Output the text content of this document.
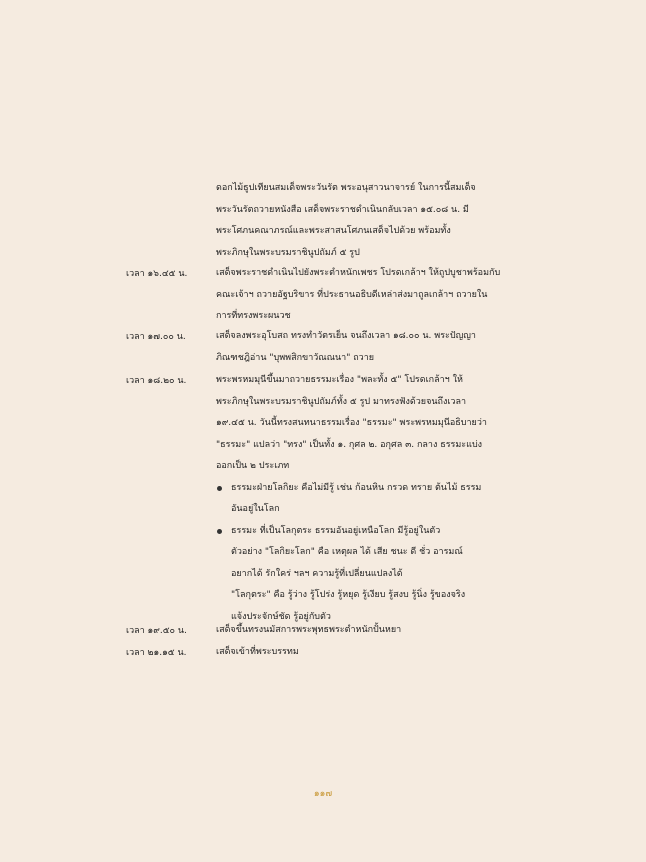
ดอกไม้ธูปเทียนสมเด็จพระวันรัต พระอนุสาวนาจารย์ ในการนี้สมเด็จ
พระวันรัตถวายหนังสือ เสด็จพระราชดำเนินกลับเวลา ๑๕.๐๘ น. มี
พระโศภนคณาภรณ์และพระสาสนโศภนเสด็จไปด้วย พร้อมทั้ง
พระภิกษุในพระบรมราชินูปถัมภ์ ๕ รูป
เวลา ๑๖.๔๕ น.	เสด็จพระราชดำเนินไปยังพระตำหนักเพชร โปรดเกล้าฯ ให้ถูปบูชาพร้อมกับ
คณะเจ้าฯ ถวายอัฐบริขาร ที่ประธานอธิบดีเหล่าส่งมาถูลเกล้าฯ ถวายใน
การที่ทรงพระผนวช
เวลา ๑๗.๐๐ น.	เสด็จลงพระอุโบสถ ทรงทำวัตรเย็น จนถึงเวลา ๑๘.๐๐ น. พระปัญญา
ภิณฑชฎิอ่าน "บุพพสิกขาวัณณนา" ถวาย
เวลา ๑๘.๒๐ น.	พระพรหมมุนีขึ้นมาถวายธรรมะเรื่อง "พละทั้ง ๕" โปรดเกล้าฯ ให้
พระภิกษุในพระบรมราชินูปถัมภ์ทั้ง ๕ รูป มาทรงฟังด้วยจนถึงเวลา
๑๙.๔๕ น. วันนี้ทรงสนทนาธรรมเรื่อง "ธรรมะ" พระพรหมมุนีอธิบายว่า
"ธรรมะ" แปลว่า "ทรง" เป็นทั้ง ๑. กุศล ๒. อกุศล ๓. กลาง ธรรมะแบ่ง
ออกเป็น ๒ ประเภท
ธรรมะฝ่ายโลกิยะ คือไม่มีรู้ เช่น ก้อนหิน กรวด ทราย ต้นไม้ ธรรม
อันอยู่ในโลก
ธรรมะ ที่เป็นโลกุตระ ธรรมอันอยู่เหนือโลก มีรู้อยู่ในตัว
ตัวอย่าง "โลกิยะโลก" คือ เหตุผล ได้ เสีย ชนะ ดี ชั่ว อารมณ์
อยากได้ รักใคร่ ฯลฯ ความรู้ที่เปลี่ยนแปลงได้
"โลกุตระ" คือ รู้ว่าง รู้โปร่ง รู้หยุด รู้เงียบ รู้สงบ รู้นิ่ง รู้ของจริง
แจ้งประจักษ์ชัด รู้อยู่กับตัว
เวลา ๑๙.๕๐ น.	เสด็จขึ้นทรงนมัสการพระพุทธพระตำหนักปั้นหยา
เวลา ๒๑.๑๕ น.	เสด็จเข้าที่พระบรรทม
๑๑๗
